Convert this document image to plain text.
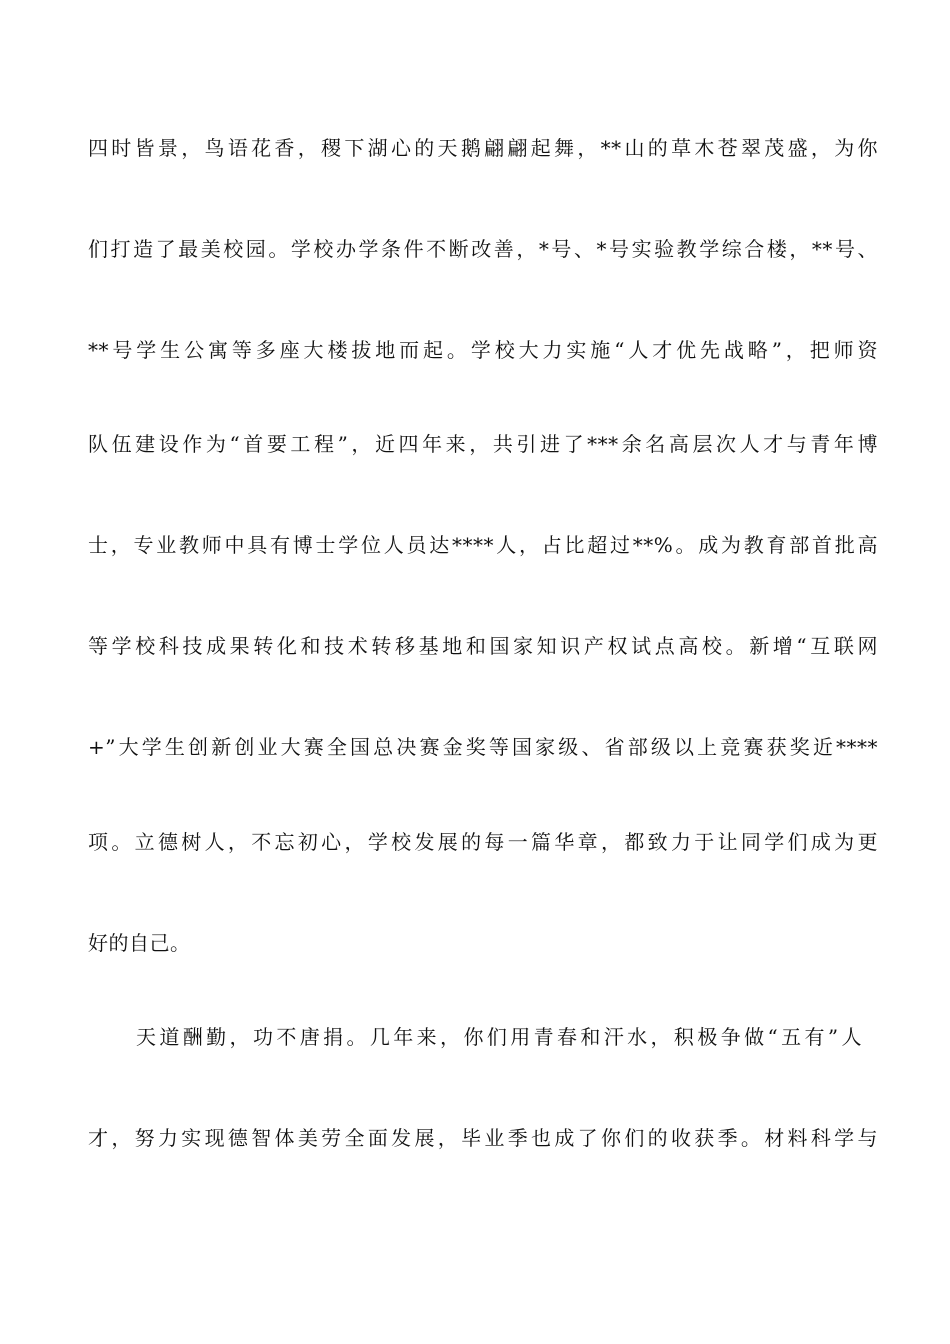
四时皆景，鸟语花香，稷下湖心的天鹅翩翩起舞，**山的草木苍翠茂盛，为你
们打造了最美校园。学校办学条件不断改善，*号、*号实验教学综合楼，**号、
**号学生公寓等多座大楼拔地而起。学校大力实施“人才优先战略”，把师资
队伍建设作为“首要工程”，近四年来，共引进了***余名高层次人才与青年博
士，专业教师中具有博士学位人员达****人，占比超过**%。成为教育部首批高
等学校科技成果转化和技术转移基地和国家知识产权试点高校。新增“互联网
+”大学生创新创业大赛全国总决赛金奖等国家级、省部级以上竞赛获奖近****
项。立德树人，不忘初心，学校发展的每一篇华章，都致力于让同学们成为更
好的自己。
天道酬勤，功不唐捐。几年来，你们用青春和汗水，积极争做“五有”人
才，努力实现德智体美劳全面发展，毕业季也成了你们的收获季。材料科学与
